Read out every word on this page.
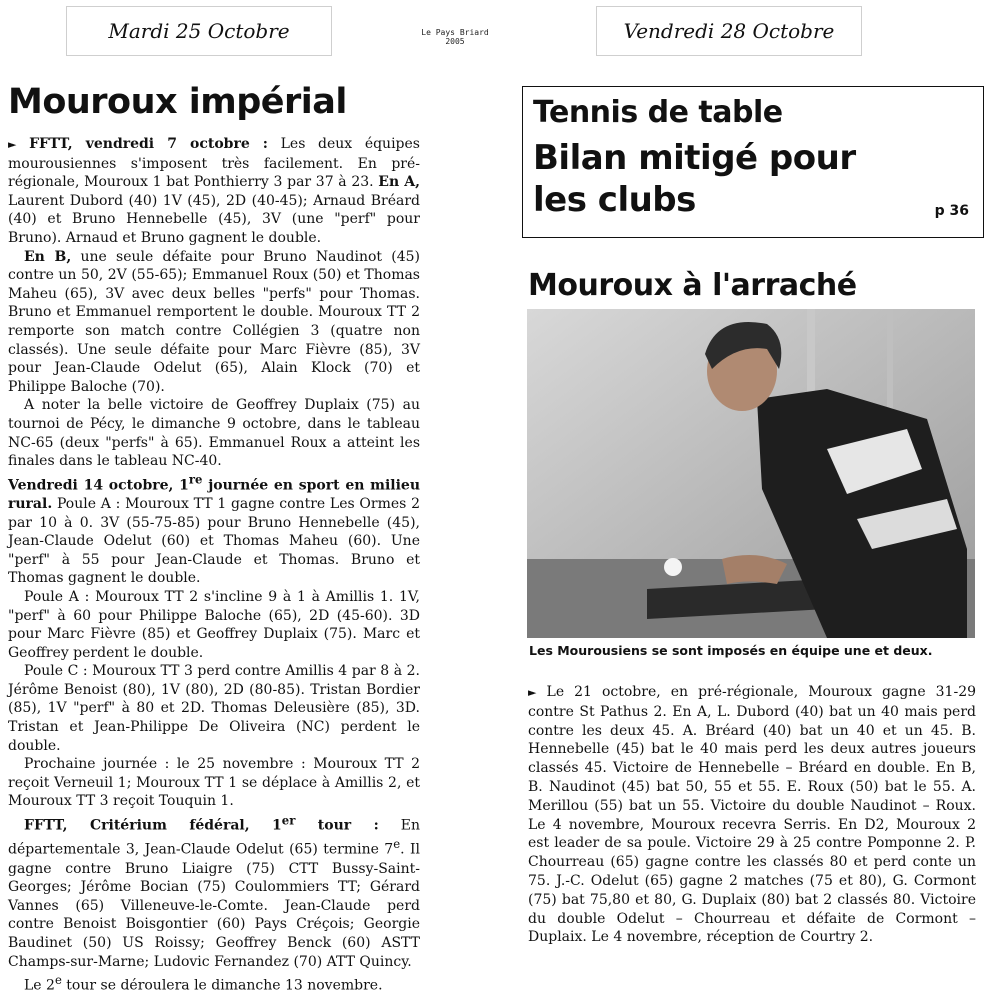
Mardi 25 Octobre	Le Pays Briard
2005	Vendredi 28 Octobre
Mouroux impérial

► FFTT, vendredi 7 octobre : Les deux équipes mourousiennes s'imposent très facilement. En pré-régionale, Mouroux 1 bat Ponthierry 3 par 37 à 23. En A, Laurent Dubord (40) 1V (45), 2D (40-45); Arnaud Bréard (40) et Bruno Hennebelle (45), 3V (une "perf" pour Bruno). Arnaud et Bruno gagnent le double.

En B, une seule défaite pour Bruno Naudinot (45) contre un 50, 2V (55-65); Emmanuel Roux (50) et Thomas Maheu (65), 3V avec deux belles "perfs" pour Thomas. Bruno et Emmanuel remportent le double. Mouroux TT 2 remporte son match contre Collégien 3 (quatre non classés). Une seule défaite pour Marc Fièvre (85), 3V pour Jean-Claude Odelut (65), Alain Klock (70) et Philippe Baloche (70).

A noter la belle victoire de Geoffrey Duplaix (75) au tournoi de Pécy, le dimanche 9 octobre, dans le tableau NC-65 (deux "perfs" à 65). Emmanuel Roux a atteint les finales dans le tableau NC-40.

Vendredi 14 octobre, 1re journée en sport en milieu rural. Poule A : Mouroux TT 1 gagne contre Les Ormes 2 par 10 à 0. 3V (55-75-85) pour Bruno Hennebelle (45), Jean-Claude Odelut (60) et Thomas Maheu (60). Une "perf" à 55 pour Jean-Claude et Thomas. Bruno et Thomas gagnent le double.

Poule A : Mouroux TT 2 s'incline 9 à 1 à Amillis 1. 1V, "perf" à 60 pour Philippe Baloche (65), 2D (45-60). 3D pour Marc Fièvre (85) et Geoffrey Duplaix (75). Marc et Geoffrey perdent le double.

Poule C : Mouroux TT 3 perd contre Amillis 4 par 8 à 2. Jérôme Benoist (80), 1V (80), 2D (80-85). Tristan Bordier (85), 1V "perf" à 80 et 2D. Thomas Deleusière (85), 3D. Tristan et Jean-Philippe De Oliveira (NC) perdent le double.

Prochaine journée : le 25 novembre : Mouroux TT 2 reçoit Verneuil 1; Mouroux TT 1 se déplace à Amillis 2, et Mouroux TT 3 reçoit Touquin 1.

FFTT, Critérium fédéral, 1er tour : En départementale 3, Jean-Claude Odelut (65) termine 7e. Il gagne contre Bruno Liaigre (75) CTT Bussy-Saint-Georges; Jérôme Bocian (75) Coulommiers TT; Gérard Vannes (65) Villeneuve-le-Comte. Jean-Claude perd contre Benoist Boisgontier (60) Pays Créçois; Georgie Baudinet (50) US Roissy; Geoffrey Benck (60) ASTT Champs-sur-Marne; Ludovic Fernandez (70) ATT Quincy.

Le 2e tour se déroulera le dimanche 13 novembre.

Tennis de table
Bilan mitigé pour les clubs	p 36
Mouroux à l'arraché
Les Mourousiens se sont imposés en équipe une et deux.

► Le 21 octobre, en pré-régionale, Mouroux gagne 31-29 contre St Pathus 2. En A, L. Dubord (40) bat un 40 mais perd contre les deux 45. A. Bréard (40) bat un 40 et un 45. B. Hennebelle (45) bat le 40 mais perd les deux autres joueurs classés 45. Victoire de Hennebelle – Bréard en double. En B, B. Naudinot (45) bat 50, 55 et 55. E. Roux (50) bat le 55. A. Merillou (55) bat un 55. Victoire du double Naudinot – Roux. Le 4 novembre, Mouroux recevra Serris. En D2, Mouroux 2 est leader de sa poule. Victoire 29 à 25 contre Pomponne 2. P. Chourreau (65) gagne contre les classés 80 et perd conte un 75. J.-C. Odelut (65) gagne 2 matches (75 et 80), G. Cormont (75) bat 75,80 et 80, G. Duplaix (80) bat 2 classés 80. Victoire du double Odelut – Chourreau et défaite de Cormont – Duplaix. Le 4 novembre, réception de Courtry 2.
